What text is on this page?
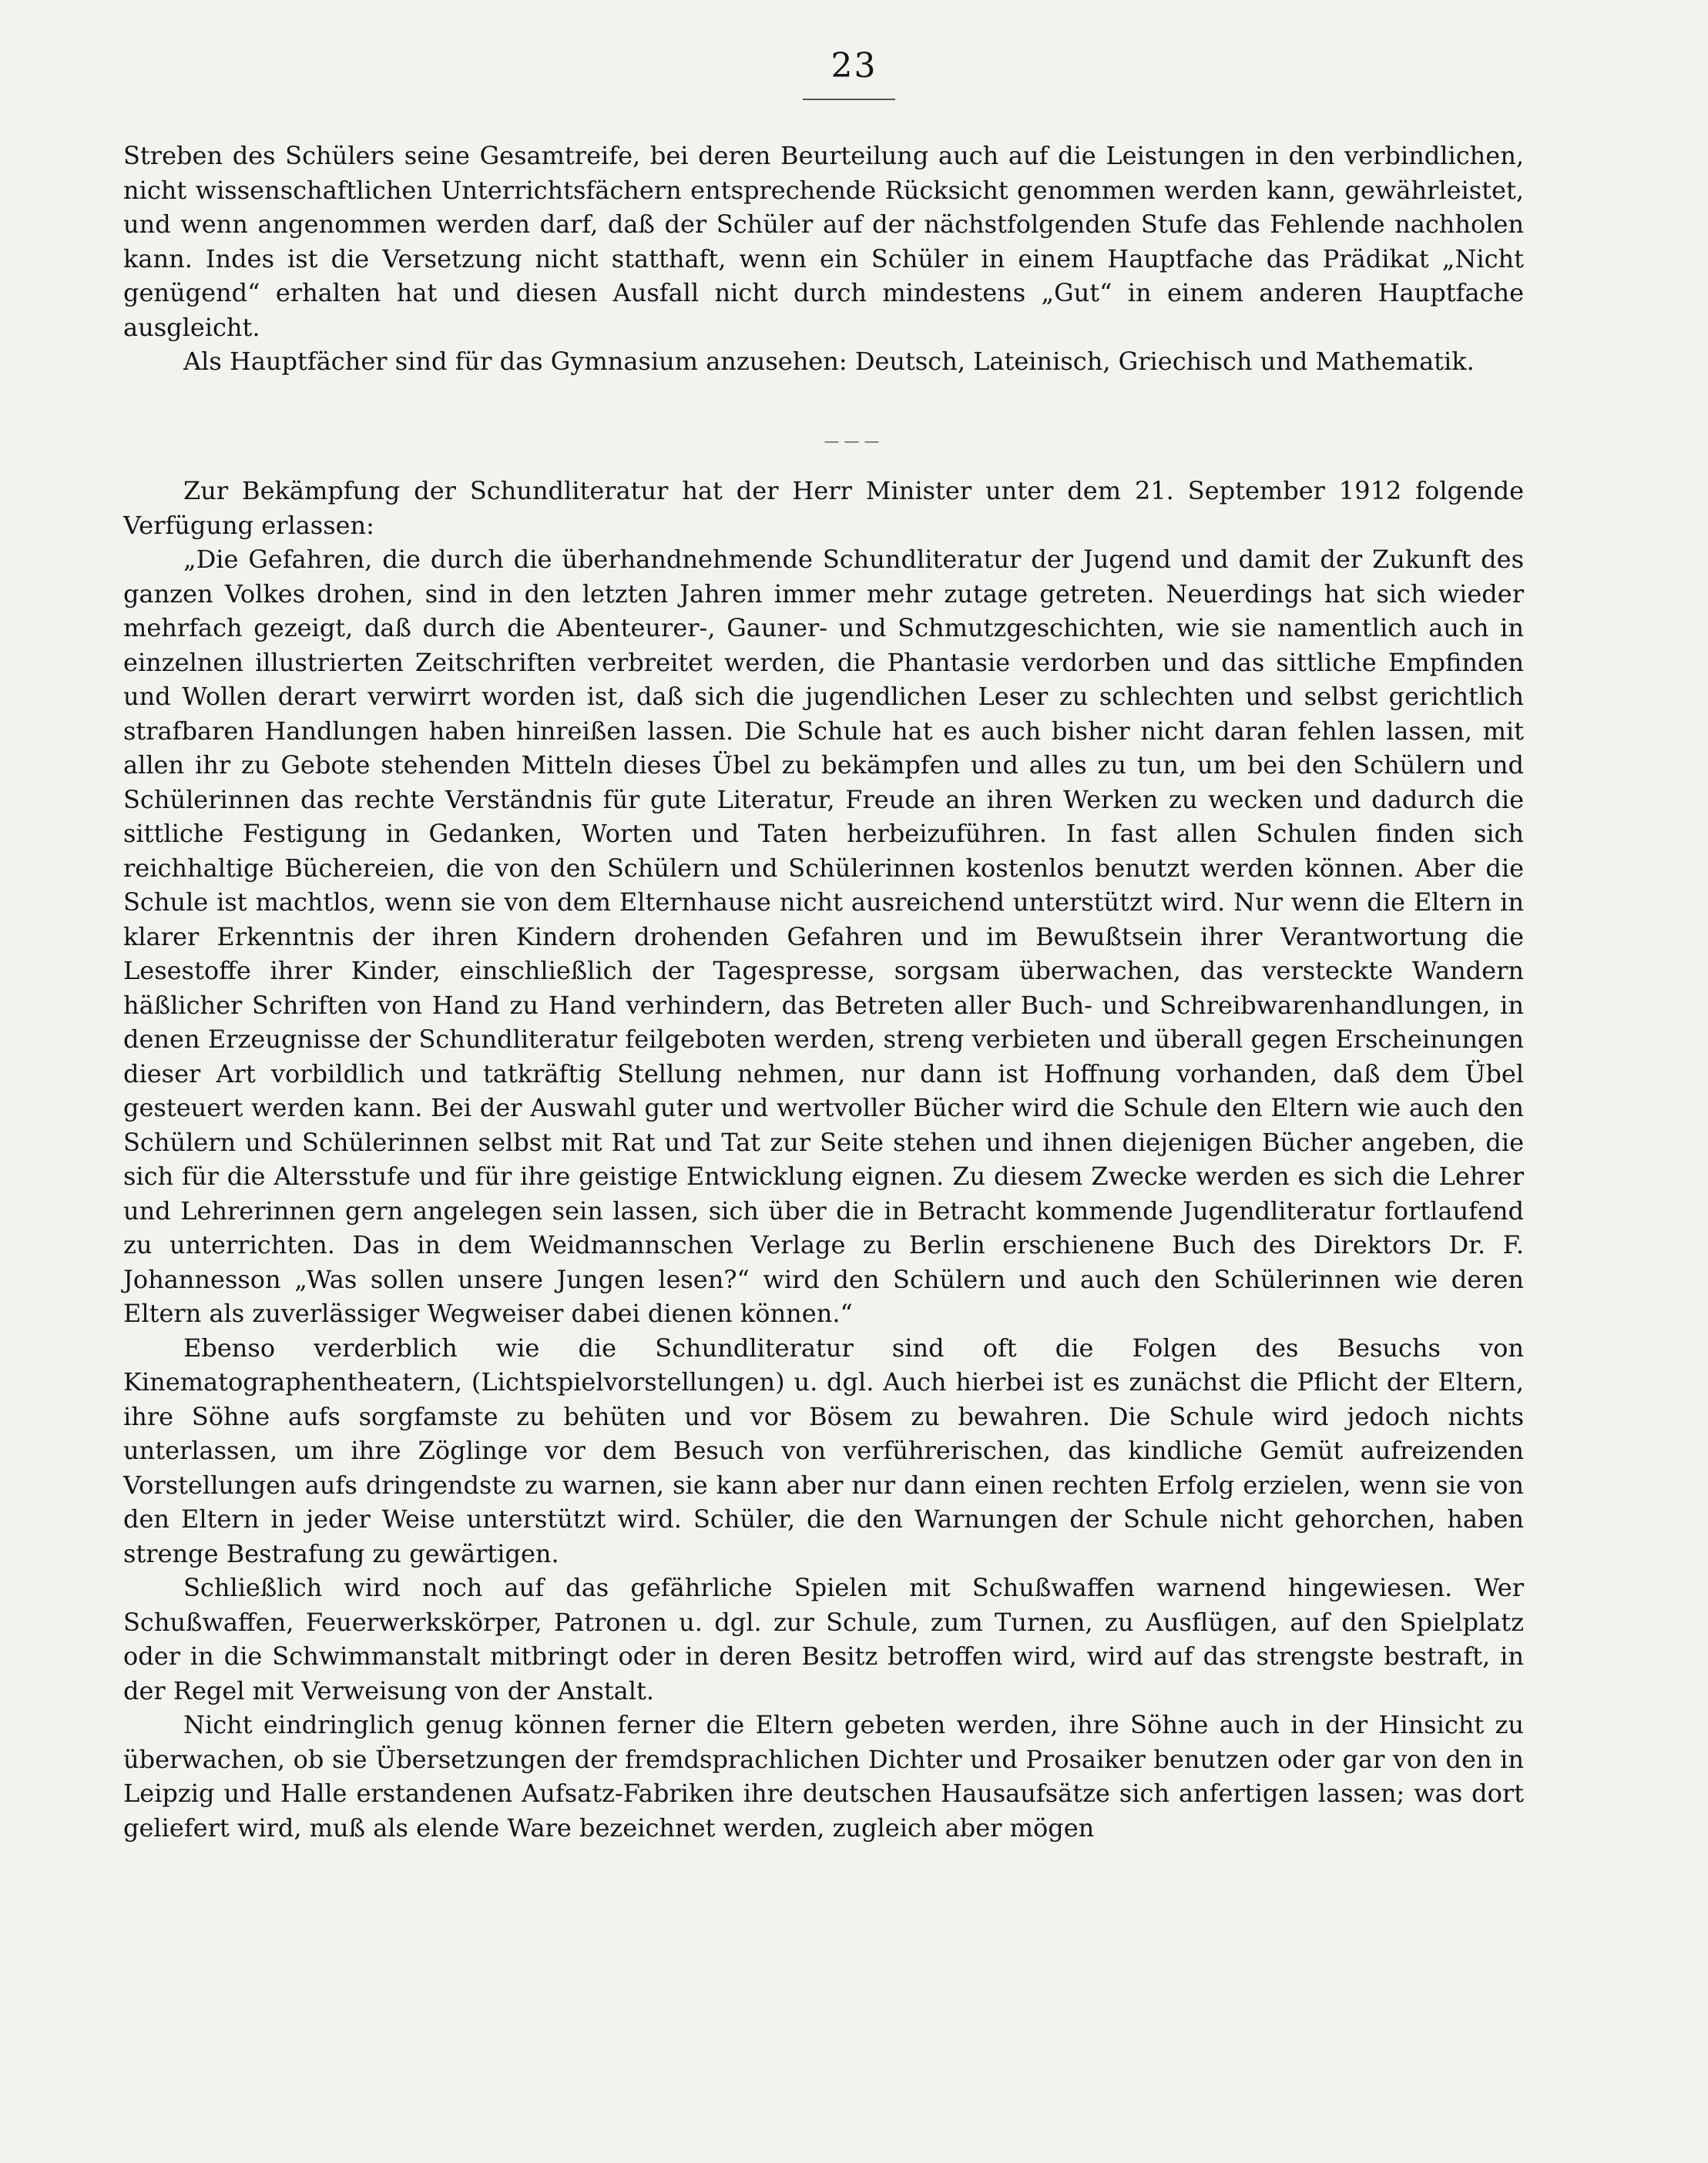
23

Streben des Schülers seine Gesamtreife, bei deren Beurteilung auch auf die Leistungen in den verbindlichen, nicht wissenschaftlichen Unterrichtsfächern entsprechende Rücksicht genommen werden kann, gewährleistet, und wenn angenommen werden darf, daß der Schüler auf der nächstfolgenden Stufe das Fehlende nachholen kann. Indes ist die Versetzung nicht statthaft, wenn ein Schüler in einem Hauptfache das Prädikat „Nicht genügend“ erhalten hat und diesen Ausfall nicht durch mindestens „Gut“ in einem anderen Hauptfache ausgleicht.

Als Hauptfächer sind für das Gymnasium anzusehen: Deutsch, Lateinisch, Griechisch und Mathematik.

———

Zur Bekämpfung der Schundliteratur hat der Herr Minister unter dem 21. September 1912 folgende Verfügung erlassen:

„Die Gefahren, die durch die überhandnehmende Schundliteratur der Jugend und damit der Zukunft des ganzen Volkes drohen, sind in den letzten Jahren immer mehr zutage getreten. Neuerdings hat sich wieder mehrfach gezeigt, daß durch die Abenteurer-, Gauner- und Schmutzgeschichten, wie sie namentlich auch in einzelnen illustrierten Zeitschriften verbreitet werden, die Phantasie verdorben und das sittliche Empfinden und Wollen derart verwirrt worden ist, daß sich die jugendlichen Leser zu schlechten und selbst gerichtlich strafbaren Handlungen haben hinreißen lassen. Die Schule hat es auch bisher nicht daran fehlen lassen, mit allen ihr zu Gebote stehenden Mitteln dieses Übel zu bekämpfen und alles zu tun, um bei den Schülern und Schülerinnen das rechte Verständnis für gute Literatur, Freude an ihren Werken zu wecken und dadurch die sittliche Festigung in Gedanken, Worten und Taten herbeizuführen. In fast allen Schulen finden sich reichhaltige Büchereien, die von den Schülern und Schülerinnen kostenlos benutzt werden können. Aber die Schule ist machtlos, wenn sie von dem Elternhause nicht ausreichend unterstützt wird. Nur wenn die Eltern in klarer Erkenntnis der ihren Kindern drohenden Gefahren und im Bewußtsein ihrer Verantwortung die Lesestoffe ihrer Kinder, einschließlich der Tagespresse, sorgsam überwachen, das versteckte Wandern häßlicher Schriften von Hand zu Hand verhindern, das Betreten aller Buch- und Schreibwarenhandlungen, in denen Erzeugnisse der Schundliteratur feilgeboten werden, streng verbieten und überall gegen Erscheinungen dieser Art vorbildlich und tatkräftig Stellung nehmen, nur dann ist Hoffnung vorhanden, daß dem Übel gesteuert werden kann. Bei der Auswahl guter und wertvoller Bücher wird die Schule den Eltern wie auch den Schülern und Schülerinnen selbst mit Rat und Tat zur Seite stehen und ihnen diejenigen Bücher angeben, die sich für die Altersstufe und für ihre geistige Entwicklung eignen. Zu diesem Zwecke werden es sich die Lehrer und Lehrerinnen gern angelegen sein lassen, sich über die in Betracht kommende Jugendliteratur fortlaufend zu unterrichten. Das in dem Weidmannschen Verlage zu Berlin erschienene Buch des Direktors Dr. F. Johannesson „Was sollen unsere Jungen lesen?“ wird den Schülern und auch den Schülerinnen wie deren Eltern als zuverlässiger Wegweiser dabei dienen können.“

Ebenso verderblich wie die Schundliteratur sind oft die Folgen des Besuchs von Kinematographentheatern, (Lichtspielvorstellungen) u. dgl. Auch hierbei ist es zunächst die Pflicht der Eltern, ihre Söhne aufs sorgfamste zu behüten und vor Bösem zu bewahren. Die Schule wird jedoch nichts unterlassen, um ihre Zöglinge vor dem Besuch von verführerischen, das kindliche Gemüt aufreizenden Vorstellungen aufs dringendste zu warnen, sie kann aber nur dann einen rechten Erfolg erzielen, wenn sie von den Eltern in jeder Weise unterstützt wird. Schüler, die den Warnungen der Schule nicht gehorchen, haben strenge Bestrafung zu gewärtigen.

Schließlich wird noch auf das gefährliche Spielen mit Schußwaffen warnend hingewiesen. Wer Schußwaffen, Feuerwerkskörper, Patronen u. dgl. zur Schule, zum Turnen, zu Ausflügen, auf den Spielplatz oder in die Schwimmanstalt mitbringt oder in deren Besitz betroffen wird, wird auf das strengste bestraft, in der Regel mit Verweisung von der Anstalt.

Nicht eindringlich genug können ferner die Eltern gebeten werden, ihre Söhne auch in der Hinsicht zu überwachen, ob sie Übersetzungen der fremdsprachlichen Dichter und Prosaiker benutzen oder gar von den in Leipzig und Halle erstandenen Aufsatz-Fabriken ihre deutschen Hausaufsätze sich anfertigen lassen; was dort geliefert wird, muß als elende Ware bezeichnet werden, zugleich aber mögen
